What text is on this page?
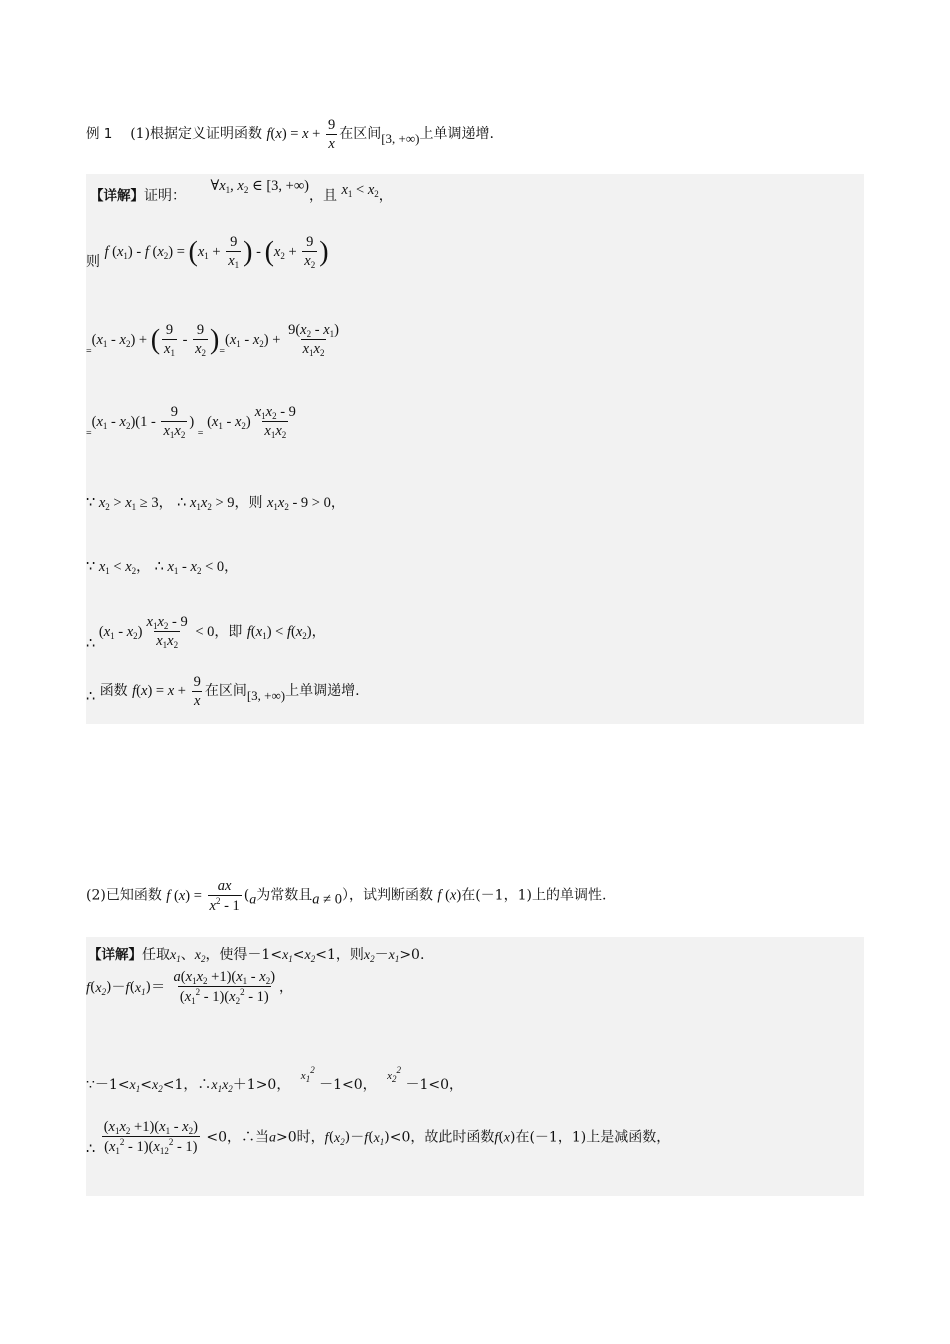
例 1 (1)根据定义证明函数 $f(x) = x + \frac{9}{x}$ 在区间[3, +∞)上单调递增.
【详解】证明： $\forall x_1$, $x_2$ ∈ [3, +∞)，且 $x_1 < x_2$，
则 f $(x_1)$ - f $(x_2) = (x_1 + \frac{9}{x_1}$ ) - ($x_2 + \frac{9}{x_2}$ )
$_=(x_1 - x_2)$ + ( $\frac{9}{x_1} - \frac{9}{x_2} )_=(x_1 - x_2) + \frac{9(x_2 - x_1)}{x_1x_2}$
$_=(x_1 - x_2)(1 - \frac{9}{x_1x_2}$ ) $_=$ $(x_1 - x_2) \frac{x_1x_2 - 9}{x_1x_2}$
∵ $x_2 > x_1 \ge 3$， ∴ $x_1x_2 > 9$，则 $x_1x_2 - 9 > 0$，
∵ $x_1 < x_2$， ∴ $x_1 - x_2 < 0$，
∴ $(x_1 - x_2) \frac{x_1x_2 - 9}{x_1x_2} < 0$，即 $f(x_1) < f(x_2)$，
∴ 函数 $f(x) = x + \frac{9}{x}$ 在区间[3, +∞)上单调递增.
(2)已知函数 f $(x) = \frac{ax}{x^2 - 1} (a$为常数且a ≠ 0），试判断函数 f (x)在(－1，1)上的单调性.
【详解】任取$x_1$、$x_2$，使得$-1<x_1<x_2<1$，则$x_2-x_1>0$.
$f(x_2)-f(x_1)= \frac{a(x_1x_2 +1)(x_1 - x_2)}{(x_1^2 - 1)(x_2^2 - 1)}$ ，
$\because-1<x_1<x_2<1$，$\therefore x_1x_2+1>0$， $^{x_1^2}$ －1<0， $^{x_2^2}$ －1<0，
∴ $\frac{(x_1x_2 +1)(x_1 - x_2)}{(x_1^2 - 1)(x_{12}^2 - 1)} <0$，∴当a>0时，$f(x_2)-f(x_1)<0$，故此时函数f(x)在(－1，1)上是减函数，
